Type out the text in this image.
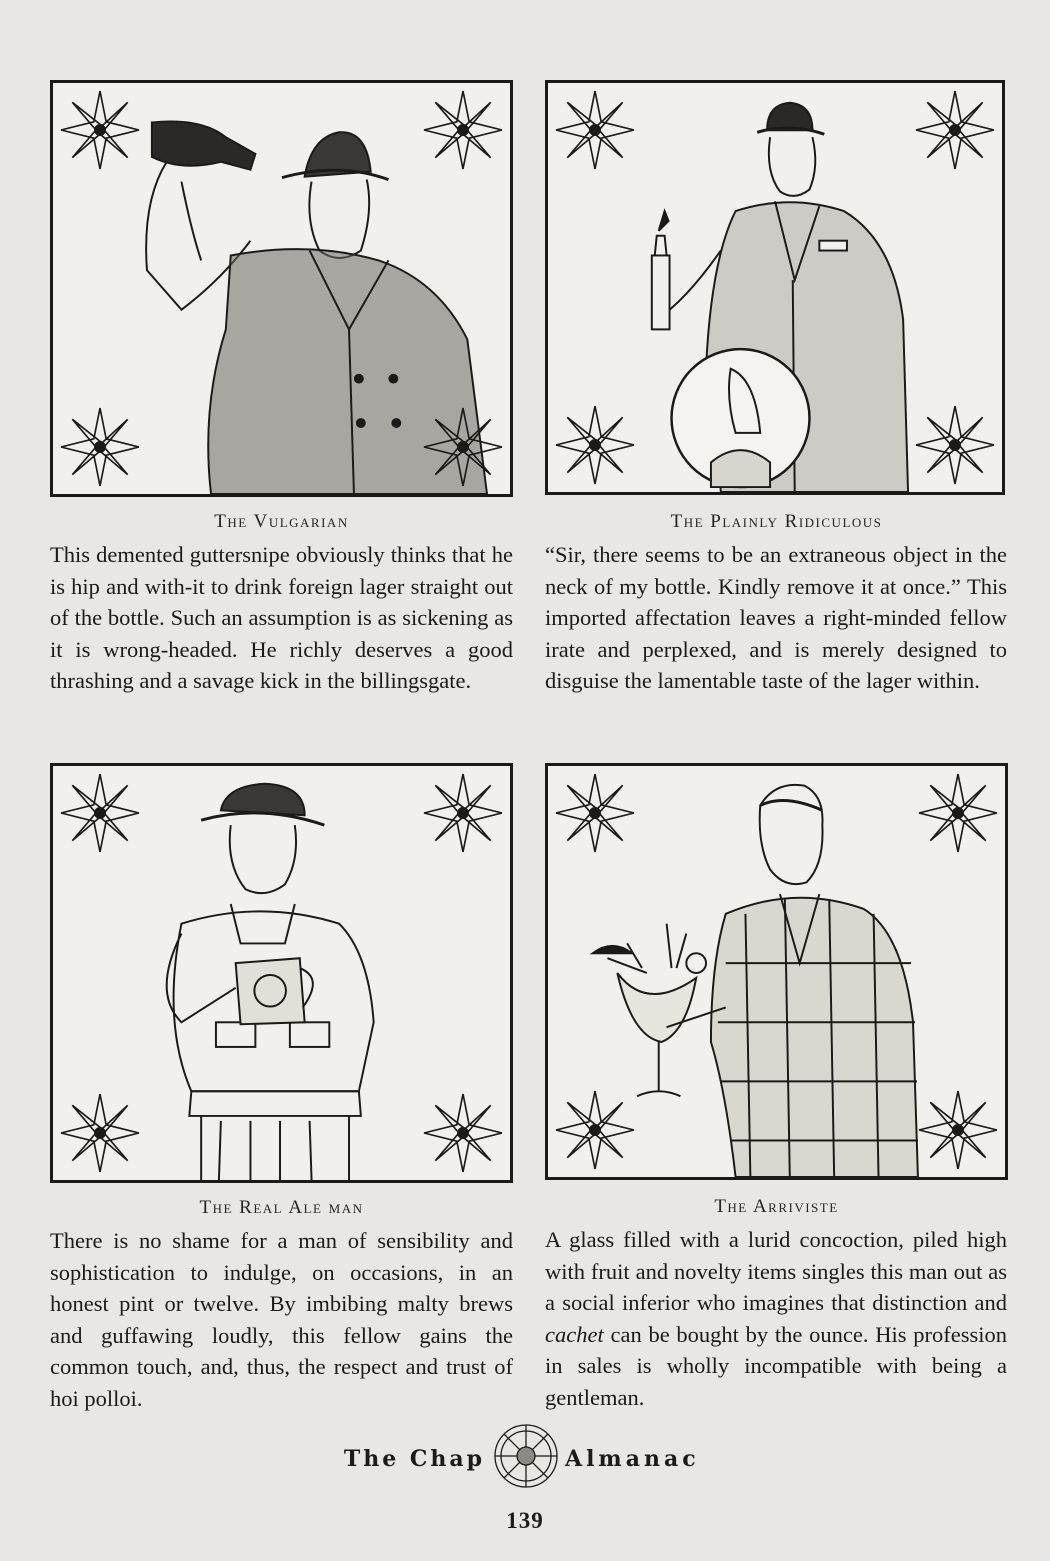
The Vulgarian
This demented guttersnipe obviously thinks that he is hip and with-it to drink foreign lager straight out of the bottle. Such an assumption is as sickening as it is wrong-headed. He richly deserves a good thrashing and a savage kick in the billingsgate.
The Plainly Ridiculous
“Sir, there seems to be an extraneous object in the neck of my bottle. Kindly remove it at once.” This imported affectation leaves a right-minded fellow irate and perplexed, and is merely designed to disguise the lamentable taste of the lager within.
The Real Ale man
There is no shame for a man of sensibility and sophistication to indulge, on occasions, in an honest pint or twelve. By imbibing malty brews and guffawing loudly, this fellow gains the common touch, and, thus, the respect and trust of hoi polloi.
The Arriviste
A glass filled with a lurid concoction, piled high with fruit and novelty items singles this man out as a social inferior who imagines that distinction and cachet can be bought by the ounce. His profession in sales is wholly incompatible with being a gentleman.
The Chap	Almanac
139
